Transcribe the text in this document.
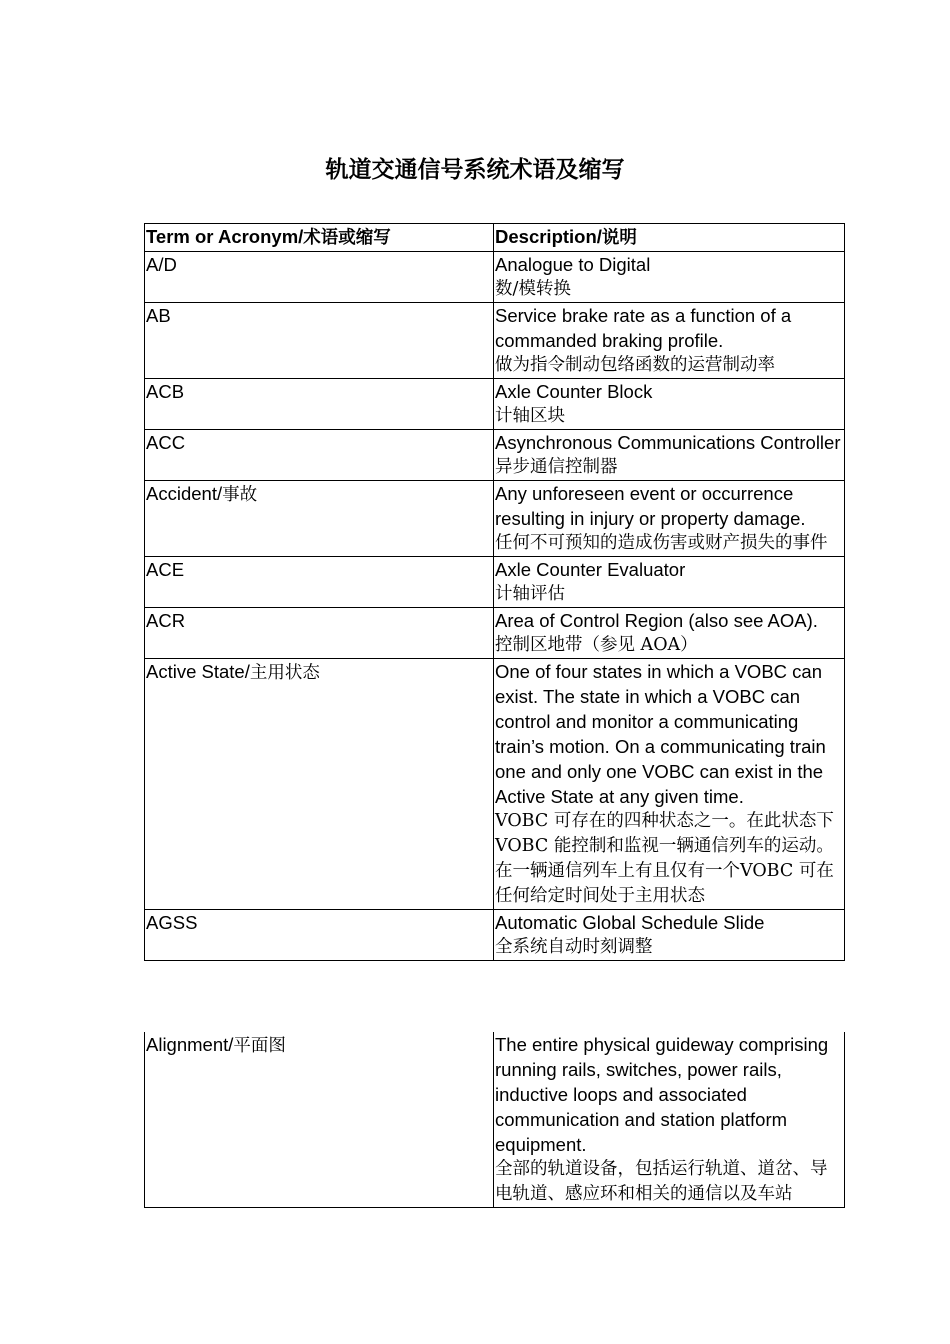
轨道交通信号系统术语及缩写
Term or Acronym/术语或缩写	Description/说明
A/D	Analogue to Digital
数/模转换

AB	Service brake rate as a function of a commanded braking profile.
做为指令制动包络函数的运营制动率

ACB	Axle Counter Block
计轴区块

ACC	Asynchronous Communications Controller
异步通信控制器

Accident/事故	Any unforeseen event or occurrence resulting in injury or property damage.
任何不可预知的造成伤害或财产损失的事件

ACE	Axle Counter Evaluator
计轴评估

ACR	Area of Control Region (also see AOA).
控制区地带（参见 AOA）

Active State/主用状态	One of four states in which a VOBC can exist. The state in which a VOBC can control and monitor a communicating train’s motion. On a communicating train one and only one VOBC can exist in the Active State at any given time.
VOBC 可存在的四种状态之一。在此状态下 VOBC 能控制和监视一辆通信列车的运动。在一辆通信列车上有且仅有一个VOBC 可在任何给定时间处于主用状态

AGSS	Automatic Global Schedule Slide
全系统自动时刻调整
Alignment/平面图	The entire physical guideway comprising running rails, switches, power rails, inductive loops and associated communication and station platform equipment.
全部的轨道设备，包括运行轨道、道岔、导电轨道、感应环和相关的通信以及车站
